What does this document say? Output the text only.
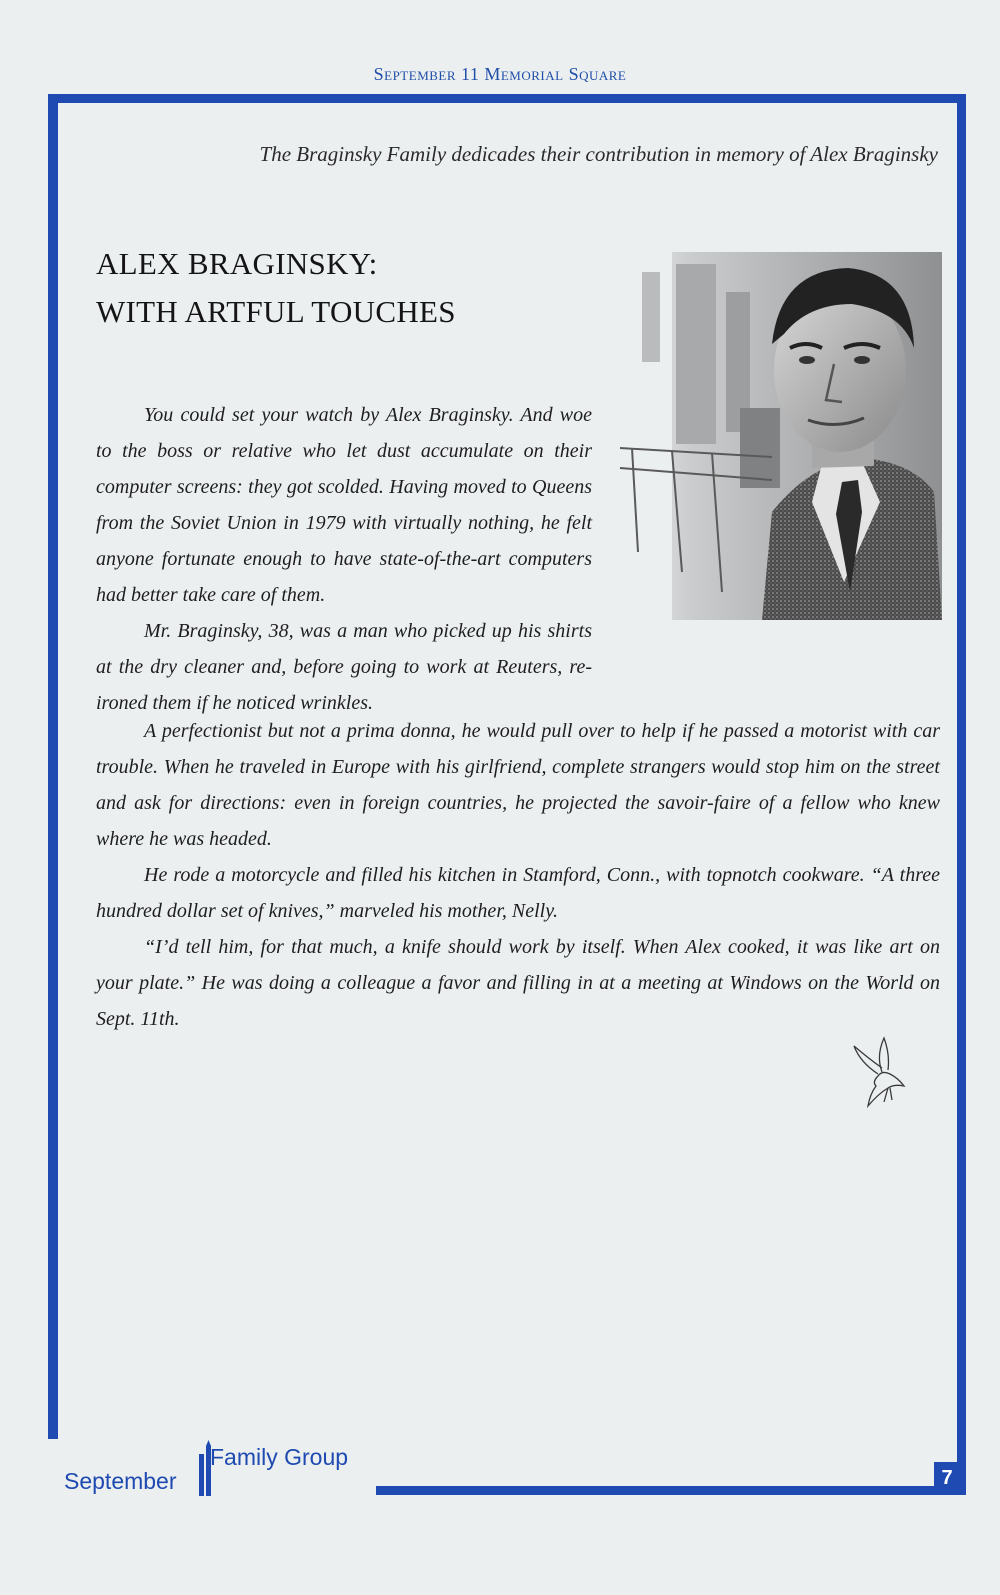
September 11 Memorial Square
The Braginsky Family dedicades their contribution in memory of Alex Braginsky
ALEX BRAGINSKY:
WITH ARTFUL TOUCHES

You could set your watch by Alex Braginsky. And woe to the boss or relative who let dust accumulate on their computer screens: they got scolded. Having moved to Queens from the Soviet Union in 1979 with virtually nothing, he felt anyone fortunate enough to have state-of-the-art computers had better take care of them.

Mr. Braginsky, 38, was a man who picked up his shirts at the dry cleaner and, before going to work at Reuters, re-ironed them if he noticed wrinkles.

A perfectionist but not a prima donna, he would pull over to help if he passed a motorist with car trouble. When he traveled in Europe with his girlfriend, complete strangers would stop him on the street and ask for directions: even in foreign countries, he projected the savoir-faire of a fellow who knew where he was headed.

He rode a motorcycle and filled his kitchen in Stamford, Conn., with topnotch cookware. “A three hundred dollar set of knives,” marveled his mother, Nelly.

“I’d tell him, for that much, a knife should work by itself. When Alex cooked, it was like art on your plate.” He was doing a colleague a favor and filling in at a meeting at Windows on the World on Sept. 11th.

September
Family Group
7
